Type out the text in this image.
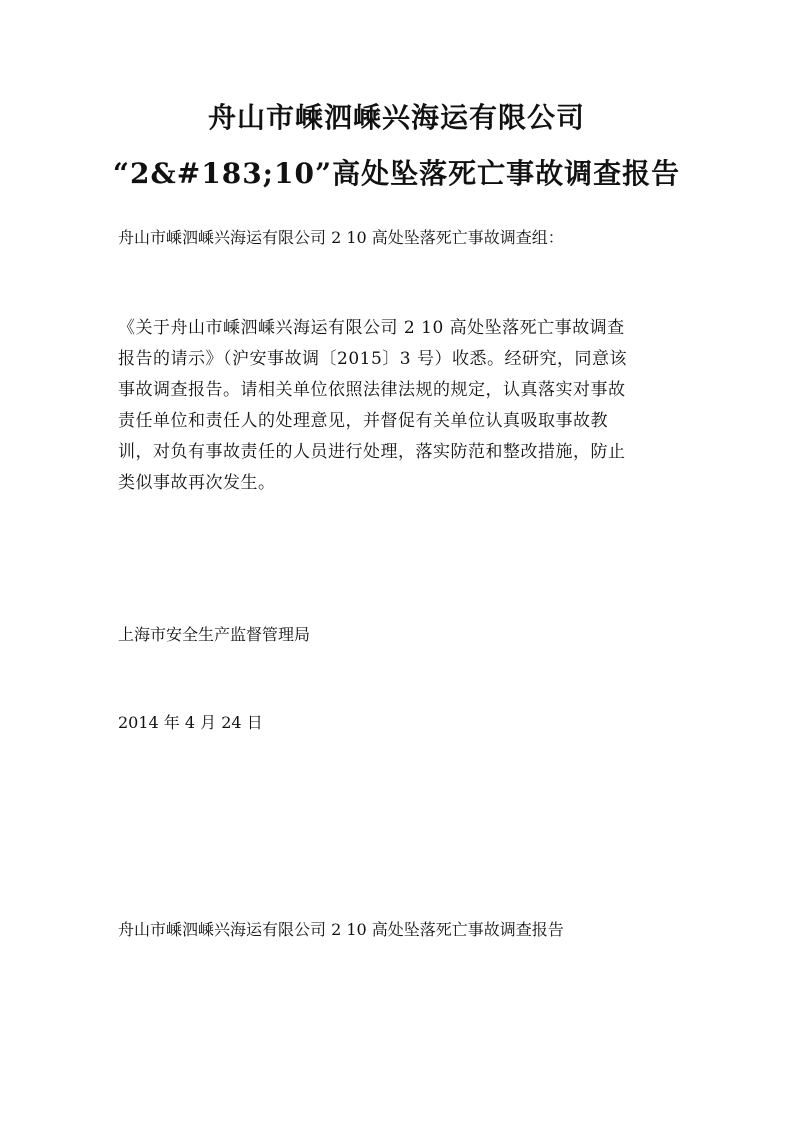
舟山市嵊泗嵊兴海运有限公司
“2&#183;10”高处坠落死亡事故调查报告
舟山市嵊泗嵊兴海运有限公司 2 10 高处坠落死亡事故调查组：

《关于舟山市嵊泗嵊兴海运有限公司 2 10 高处坠落死亡事故调查

报告的请示》（沪安事故调〔2015〕3 号）收悉。经研究，同意该

事故调查报告。请相关单位依照法律法规的规定，认真落实对事故

责任单位和责任人的处理意见，并督促有关单位认真吸取事故教

训，对负有事故责任的人员进行处理，落实防范和整改措施，防止

类似事故再次发生。

上海市安全生产监督管理局
2014 年 4 月 24 日
舟山市嵊泗嵊兴海运有限公司 2 10 高处坠落死亡事故调查报告
